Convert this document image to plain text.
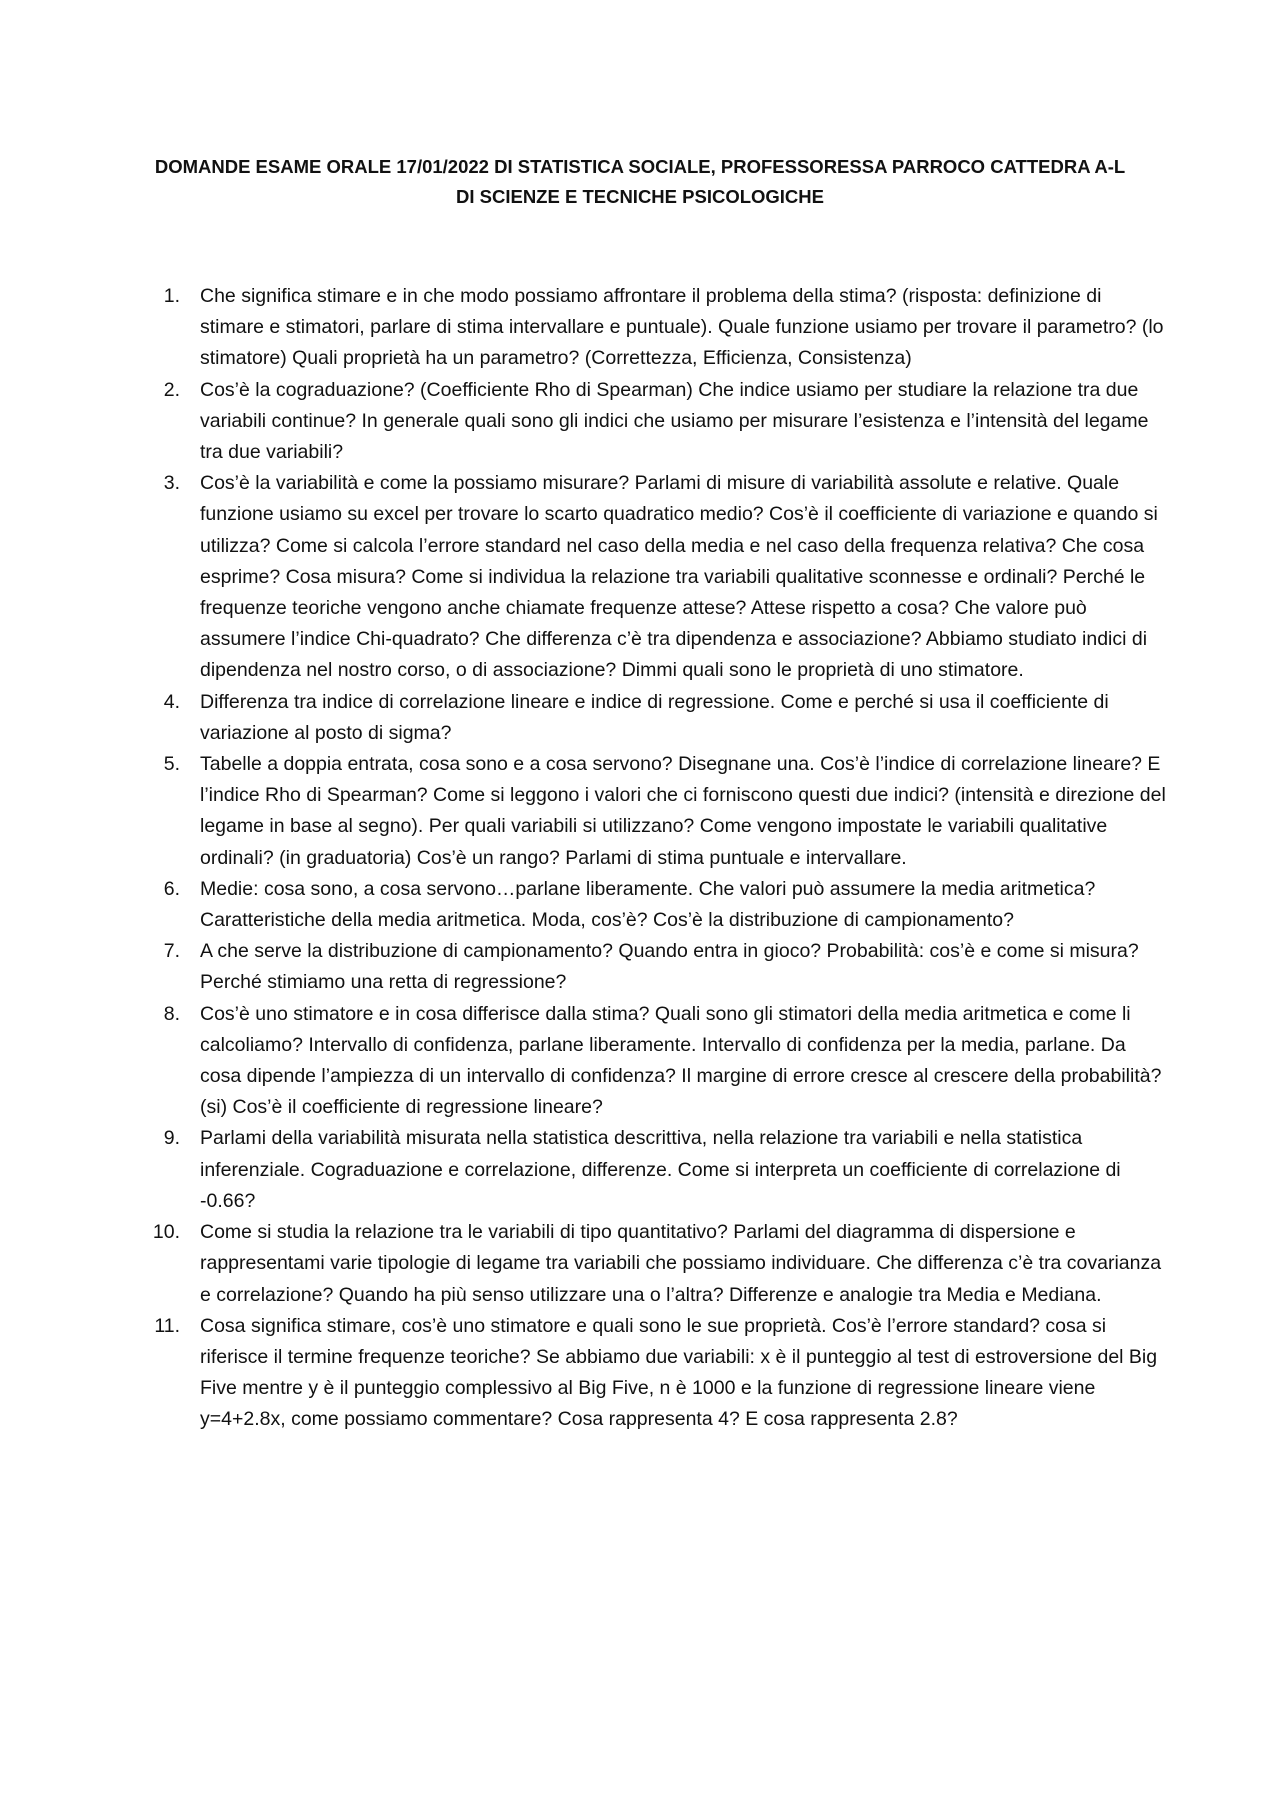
DOMANDE ESAME ORALE 17/01/2022 DI STATISTICA SOCIALE, PROFESSORESSA PARROCO CATTEDRA A-L
DI SCIENZE E TECNICHE PSICOLOGICHE
1. Che significa stimare e in che modo possiamo affrontare il problema della stima? (risposta: definizione di stimare e stimatori, parlare di stima intervallare e puntuale). Quale funzione usiamo per trovare il parametro? (lo stimatore) Quali proprietà ha un parametro? (Correttezza, Efficienza, Consistenza)
2. Cos’è la cograduazione? (Coefficiente Rho di Spearman) Che indice usiamo per studiare la relazione tra due variabili continue? In generale quali sono gli indici che usiamo per misurare l’esistenza e l’intensità del legame tra due variabili?
3. Cos’è la variabilità e come la possiamo misurare? Parlami di misure di variabilità assolute e relative. Quale funzione usiamo su excel per trovare lo scarto quadratico medio? Cos’è il coefficiente di variazione e quando si utilizza? Come si calcola l’errore standard nel caso della media e nel caso della frequenza relativa? Che cosa esprime? Cosa misura? Come si individua la relazione tra variabili qualitative sconnesse e ordinali? Perché le frequenze teoriche vengono anche chiamate frequenze attese? Attese rispetto a cosa? Che valore può assumere l’indice Chi-quadrato? Che differenza c’è tra dipendenza e associazione? Abbiamo studiato indici di dipendenza nel nostro corso, o di associazione? Dimmi quali sono le proprietà di uno stimatore.
4. Differenza tra indice di correlazione lineare e indice di regressione. Come e perché si usa il coefficiente di variazione al posto di sigma?
5. Tabelle a doppia entrata, cosa sono e a cosa servono? Disegnane una. Cos’è l’indice di correlazione lineare? E l’indice Rho di Spearman? Come si leggono i valori che ci forniscono questi due indici? (intensità e direzione del legame in base al segno). Per quali variabili si utilizzano? Come vengono impostate le variabili qualitative ordinali? (in graduatoria) Cos’è un rango? Parlami di stima puntuale e intervallare.
6. Medie: cosa sono, a cosa servono…parlane liberamente. Che valori può assumere la media aritmetica? Caratteristiche della media aritmetica. Moda, cos’è? Cos’è la distribuzione di campionamento?
7. A che serve la distribuzione di campionamento? Quando entra in gioco? Probabilità: cos’è e come si misura? Perché stimiamo una retta di regressione?
8. Cos’è uno stimatore e in cosa differisce dalla stima? Quali sono gli stimatori della media aritmetica e come li calcoliamo? Intervallo di confidenza, parlane liberamente. Intervallo di confidenza per la media, parlane. Da cosa dipende l’ampiezza di un intervallo di confidenza? Il margine di errore cresce al crescere della probabilità? (si) Cos’è il coefficiente di regressione lineare?
9. Parlami della variabilità misurata nella statistica descrittiva, nella relazione tra variabili e nella statistica inferenziale. Cograduazione e correlazione, differenze. Come si interpreta un coefficiente di correlazione di -0.66?
10. Come si studia la relazione tra le variabili di tipo quantitativo? Parlami del diagramma di dispersione e rappresentami varie tipologie di legame tra variabili che possiamo individuare. Che differenza c’è tra covarianza e correlazione? Quando ha più senso utilizzare una o l’altra? Differenze e analogie tra Media e Mediana.
11. Cosa significa stimare, cos’è uno stimatore e quali sono le sue proprietà. Cos’è l’errore standard? cosa si riferisce il termine frequenze teoriche? Se abbiamo due variabili: x è il punteggio al test di estroversione del Big Five mentre y è il punteggio complessivo al Big Five, n è 1000 e la funzione di regressione lineare viene y=4+2.8x, come possiamo commentare? Cosa rappresenta 4? E cosa rappresenta 2.8?
